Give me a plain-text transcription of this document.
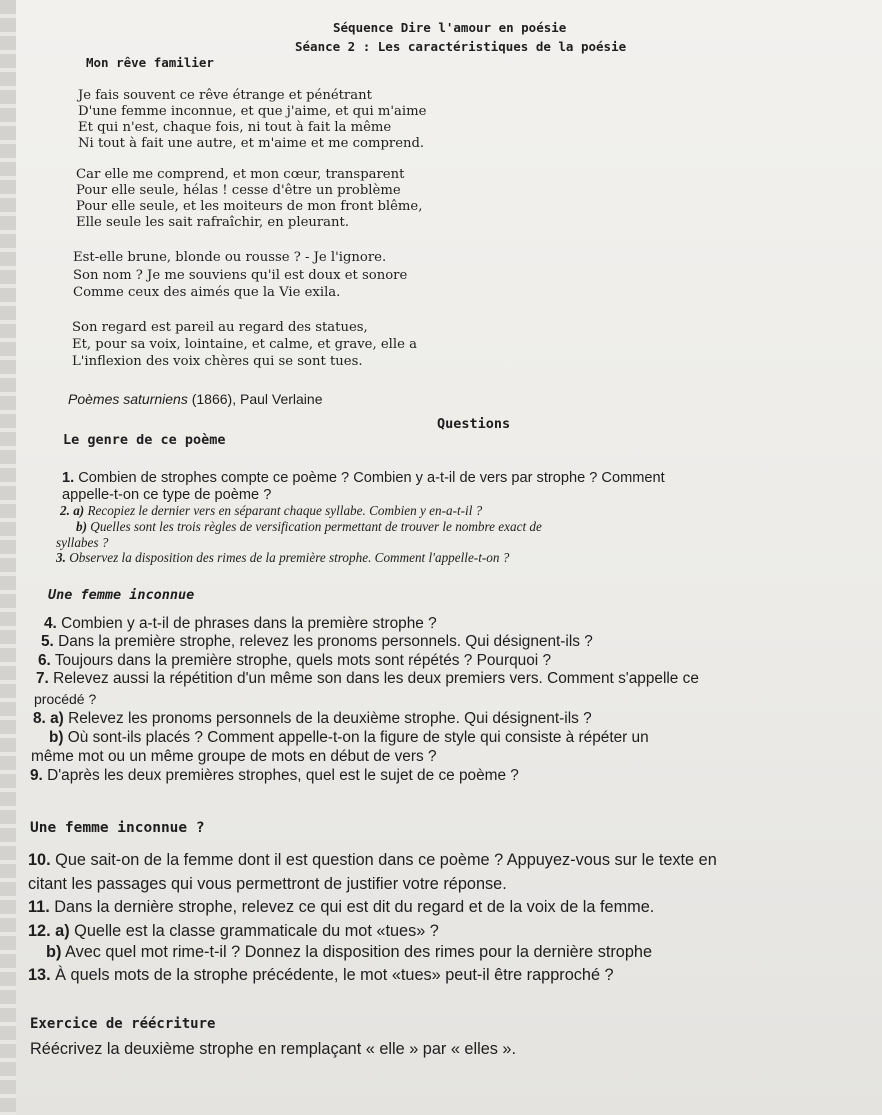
Séquence Dire l'amour en poésie
Séance 2 : Les caractéristiques de la poésie
Mon rêve familier
Je fais souvent ce rêve étrange et pénétrant
D'une femme inconnue, et que j'aime, et qui m'aime
Et qui n'est, chaque fois, ni tout à fait la même
Ni tout à fait une autre, et m'aime et me comprend.
Car elle me comprend, et mon cœur, transparent
Pour elle seule, hélas ! cesse d'être un problème
Pour elle seule, et les moiteurs de mon front blême,
Elle seule les sait rafraîchir, en pleurant.
Est-elle brune, blonde ou rousse ? - Je l'ignore.
Son nom ? Je me souviens qu'il est doux et sonore
Comme ceux des aimés que la Vie exila.
Son regard est pareil au regard des statues,
Et, pour sa voix, lointaine, et calme, et grave, elle a
L'inflexion des voix chères qui se sont tues.
Poèmes saturniens (1866), Paul Verlaine
Questions
Le genre de ce poème
1. Combien de strophes compte ce poème ? Combien y a-t-il de vers par strophe ? Comment
appelle-t-on ce type de poème ?
2. a) Recopiez le dernier vers en séparant chaque syllabe. Combien y en-a-t-il ?
b) Quelles sont les trois règles de versification permettant de trouver le nombre exact de
syllabes ?
3. Observez la disposition des rimes de la première strophe. Comment l'appelle-t-on ?
Une femme inconnue
4. Combien y a-t-il de phrases dans la première strophe ?
5. Dans la première strophe, relevez les pronoms personnels. Qui désignent-ils ?
6. Toujours dans la première strophe, quels mots sont répétés ? Pourquoi ?
7. Relevez aussi la répétition d'un même son dans les deux premiers vers. Comment s'appelle ce
procédé ?
8. a) Relevez les pronoms personnels de la deuxième strophe. Qui désignent-ils ?
b) Où sont-ils placés ? Comment appelle-t-on la figure de style qui consiste à répéter un
même mot ou un même groupe de mots en début de vers ?
9. D'après les deux premières strophes, quel est le sujet de ce poème ?
Une femme inconnue ?
10. Que sait-on de la femme dont il est question dans ce poème ? Appuyez-vous sur le texte en
citant les passages qui vous permettront de justifier votre réponse.
11. Dans la dernière strophe, relevez ce qui est dit du regard et de la voix de la femme.
12. a) Quelle est la classe grammaticale du mot «tues» ?
b) Avec quel mot rime-t-il ? Donnez la disposition des rimes pour la dernière strophe
13. À quels mots de la strophe précédente, le mot «tues» peut-il être rapproché ?
Exercice de réécriture
Réécrivez la deuxième strophe en remplaçant « elle » par « elles ».
